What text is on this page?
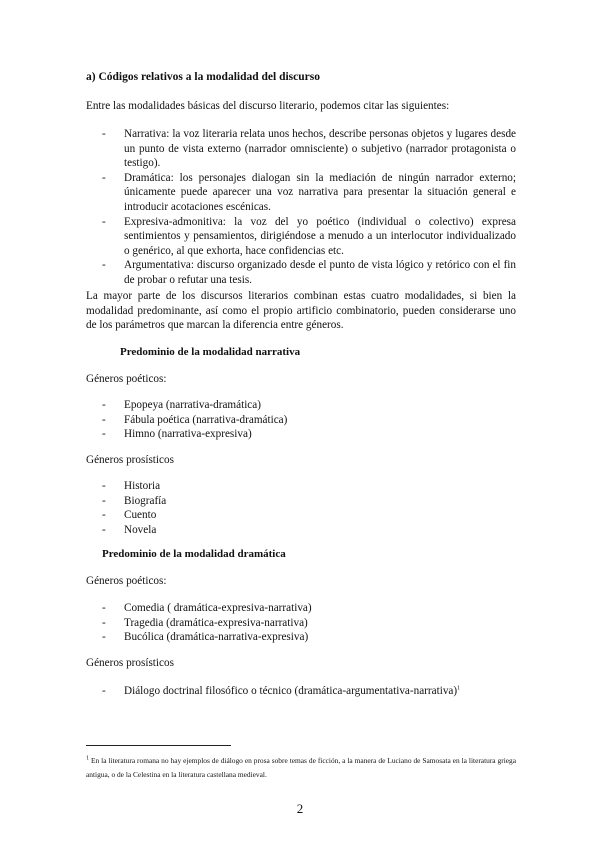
a) Códigos relativos a la modalidad del discurso
Entre las modalidades básicas del discurso literario, podemos citar las siguientes:
- Narrativa: la voz literaria relata unos hechos, describe personas objetos y lugares desde un punto de vista externo (narrador omnisciente) o subjetivo (narrador protagonista o testigo).
- Dramática: los personajes dialogan sin la mediación de ningún narrador externo; únicamente puede aparecer una voz narrativa para presentar la situación general e introducir acotaciones escénicas.
- Expresiva-admonitiva: la voz del yo poético (individual o colectivo) expresa sentimientos y pensamientos, dirigiéndose a menudo a un interlocutor individualizado o genérico, al que exhorta, hace confidencias etc.
- Argumentativa: discurso organizado desde el punto de vista lógico y retórico con el fin de probar o refutar una tesis.
La mayor parte de los discursos literarios combinan estas cuatro modalidades, si bien la modalidad predominante, así como el propio artificio combinatorio, pueden considerarse uno de los parámetros que marcan la diferencia entre géneros.
Predominio de la modalidad narrativa
Géneros poéticos:
- Epopeya (narrativa-dramática)
- Fábula poética (narrativa-dramática)
- Himno (narrativa-expresiva)
Géneros prosísticos
- Historia
- Biografía
- Cuento
- Novela
Predominio de la modalidad dramática
Géneros poéticos:
- Comedia ( dramática-expresiva-narrativa)
- Tragedia (dramática-expresiva-narrativa)
- Bucólica (dramática-narrativa-expresiva)
Géneros prosísticos
- Diálogo doctrinal filosófico o técnico (dramática-argumentativa-narrativa)$^1$
$^1$ En la literatura romana no hay ejemplos de diálogo en prosa sobre temas de ficción, a la manera de Luciano de Samosata en la literatura griega antigua, o de la Celestina en la literatura castellana medieval.
2
